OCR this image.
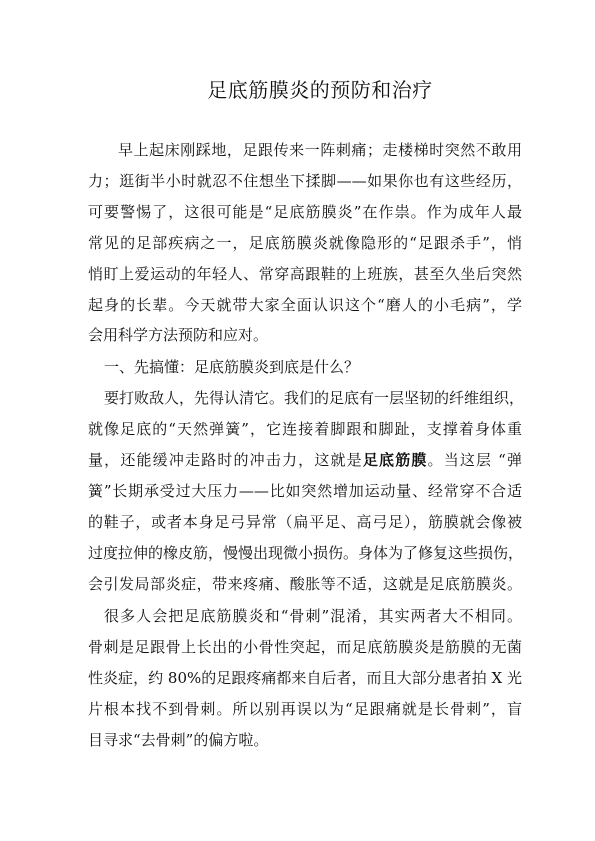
足底筋膜炎的预防和治疗
早上起床刚踩地，足跟传来一阵刺痛；走楼梯时突然不敢用
力；逛街半小时就忍不住想坐下揉脚——如果你也有这些经历，
可要警惕了，这很可能是“足底筋膜炎”在作祟。作为成年人最
常见的足部疾病之一，足底筋膜炎就像隐形的“足跟杀手”，悄
悄盯上爱运动的年轻人、常穿高跟鞋的上班族，甚至久坐后突然
起身的长辈。今天就带大家全面认识这个“磨人的小毛病”，学
会用科学方法预防和应对。
一、先搞懂：足底筋膜炎到底是什么？
要打败敌人，先得认清它。我们的足底有一层坚韧的纤维组织，
就像足底的“天然弹簧”，它连接着脚跟和脚趾，支撑着身体重
量，还能缓冲走路时的冲击力，这就是足底筋膜。当这层 “弹
簧”长期承受过大压力——比如突然增加运动量、经常穿不合适
的鞋子，或者本身足弓异常（扁平足、高弓足），筋膜就会像被
过度拉伸的橡皮筋，慢慢出现微小损伤。身体为了修复这些损伤，
会引发局部炎症，带来疼痛、酸胀等不适，这就是足底筋膜炎。
很多人会把足底筋膜炎和“骨刺”混淆，其实两者大不相同。
骨刺是足跟骨上长出的小骨性突起，而足底筋膜炎是筋膜的无菌
性炎症，约 80%的足跟疼痛都来自后者，而且大部分患者拍 X 光
片根本找不到骨刺。所以别再误以为“足跟痛就是长骨刺”，盲
目寻求“去骨刺”的偏方啦。
